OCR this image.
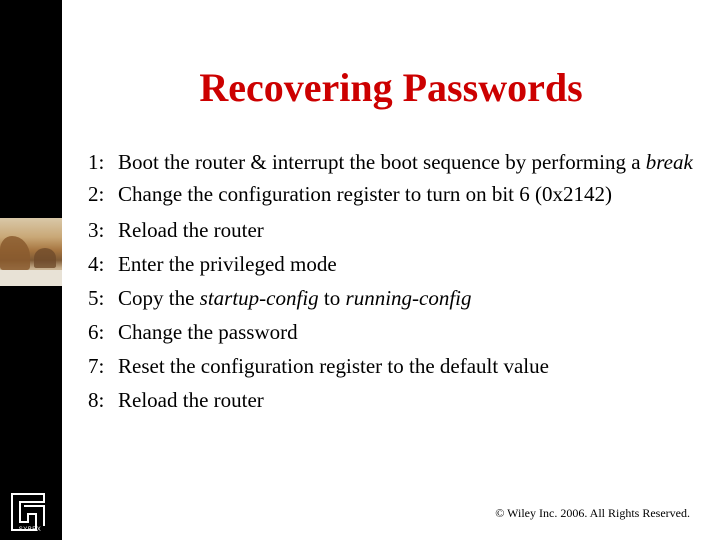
SYBEX
Recovering Passwords
1: Boot the router & interrupt the boot sequence by performing a break
2: Change the configuration register to turn on bit 6 (0x2142)
3: Reload the router
4: Enter the privileged mode
5: Copy the startup-config to running-config
6: Change the password
7: Reset the configuration register to the default value
8: Reload the router
© Wiley Inc. 2006. All Rights Reserved.
